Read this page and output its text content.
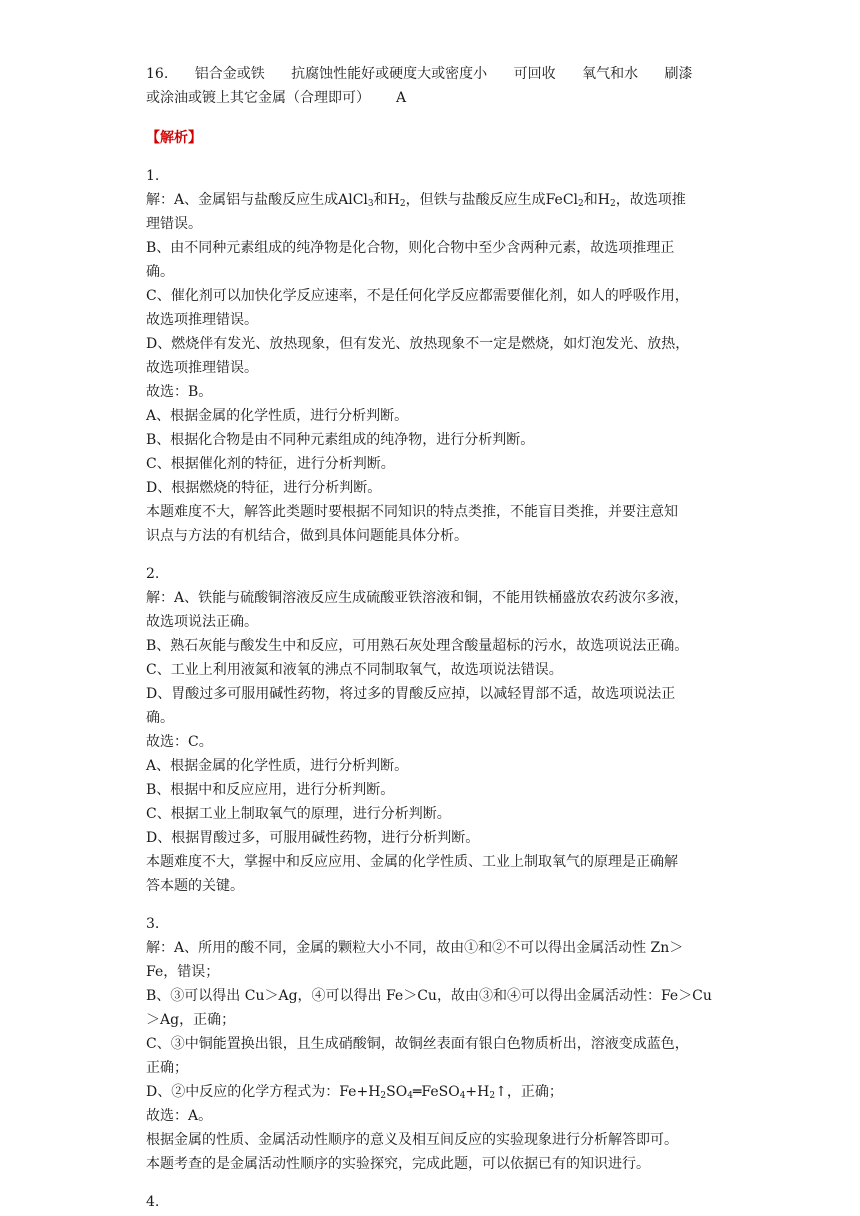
16. 铝合金或铁 抗腐蚀性能好或硬度大或密度小 可回收 氧气和水 刷漆
或涂油或镀上其它金属（合理即可） A
【解析】
1.
解：A、金属铝与盐酸反应生成AlCl$_3$和$H_2$，但铁与盐酸反应生成FeCl$_2$和$H_2$，故选项推
理错误。
B、由不同种元素组成的纯净物是化合物，则化合物中至少含两种元素，故选项推理正
确。
C、催化剂可以加快化学反应速率，不是任何化学反应都需要催化剂，如人的呼吸作用，
故选项推理错误。
D、燃烧伴有发光、放热现象，但有发光、放热现象不一定是燃烧，如灯泡发光、放热，
故选项推理错误。
故选：B。
A、根据金属的化学性质，进行分析判断。
B、根据化合物是由不同种元素组成的纯净物，进行分析判断。
C、根据催化剂的特征，进行分析判断。
D、根据燃烧的特征，进行分析判断。
本题难度不大，解答此类题时要根据不同知识的特点类推，不能盲目类推，并要注意知
识点与方法的有机结合，做到具体问题能具体分析。
2.
解：A、铁能与硫酸铜溶液反应生成硫酸亚铁溶液和铜，不能用铁桶盛放农药波尔多液，
故选项说法正确。
B、熟石灰能与酸发生中和反应，可用熟石灰处理含酸量超标的污水，故选项说法正确。
C、工业上利用液氮和液氧的沸点不同制取氧气，故选项说法错误。
D、胃酸过多可服用碱性药物，将过多的胃酸反应掉，以减轻胃部不适，故选项说法正
确。
故选：C。
A、根据金属的化学性质，进行分析判断。
B、根据中和反应应用，进行分析判断。
C、根据工业上制取氧气的原理，进行分析判断。
D、根据胃酸过多，可服用碱性药物，进行分析判断。
本题难度不大，掌握中和反应应用、金属的化学性质、工业上制取氧气的原理是正确解
答本题的关键。
3.
解：A、所用的酸不同，金属的颗粒大小不同，故由①和②不可以得出金属活动性 Zn＞
Fe，错误；
B、③可以得出 Cu＞Ag，④可以得出 Fe＞Cu，故由③和④可以得出金属活动性：Fe＞Cu
＞Ag，正确；
C、③中铜能置换出银，且生成硝酸铜，故铜丝表面有银白色物质析出，溶液变成蓝色，
正确；
D、②中反应的化学方程式为：$Fe+H_2SO_4═FeSO_4+H_2↑$，正确；
故选：A。
根据金属的性质、金属活动性顺序的意义及相互间反应的实验现象进行分析解答即可。
本题考查的是金属活动性顺序的实验探究，完成此题，可以依据已有的知识进行。
4.
